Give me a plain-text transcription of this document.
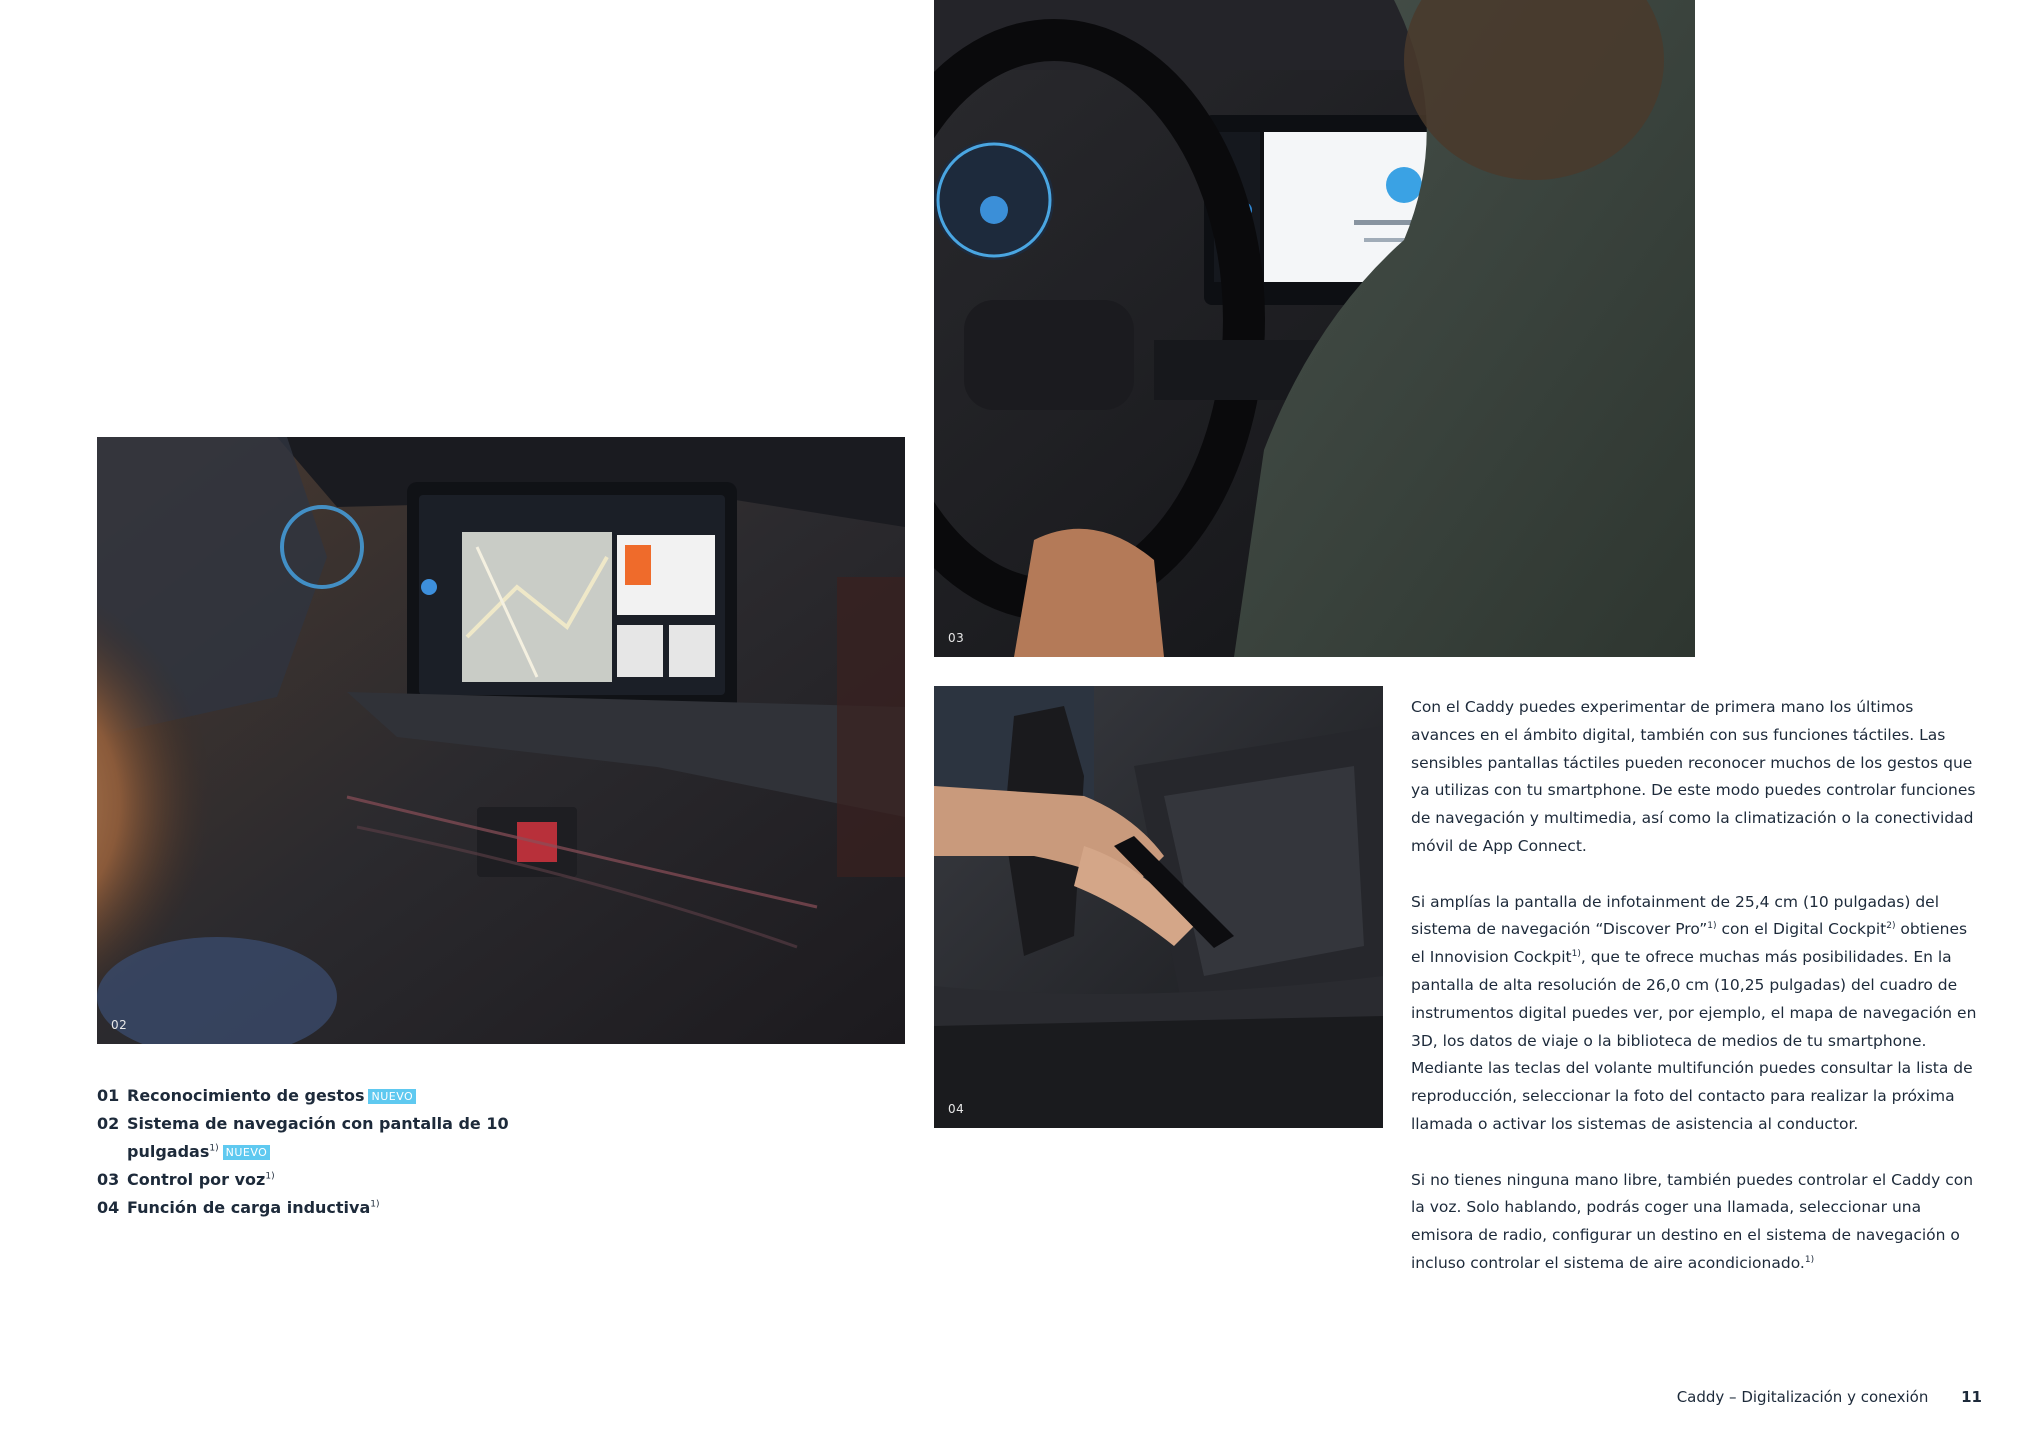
02
03
04
01 Reconocimiento de gestos NUEVO
02 Sistema de navegación con pantalla de 10 pulgadas$^{1)}$ NUEVO
03 Control por voz$^{1)}$
04 Función de carga inductiva$^{1)}$

Con el Caddy puedes experimentar de primera mano los últimos avances en el ámbito digital, también con sus funciones táctiles. Las sensibles pantallas táctiles pueden reconocer muchos de los gestos que ya utilizas con tu smartphone. De este modo puedes controlar funciones de navegación y multimedia, así como la climatización o la conectividad móvil de App Connect.

Si amplías la pantalla de infotainment de 25,4 cm (10 pulgadas) del sistema de navegación “Discover Pro”$^{1)}$ con el Digital Cockpit$^{2)}$ obtienes el Innovision Cockpit$^{1)}$, que te ofrece muchas más posibilidades. En la pantalla de alta resolución de 26,0 cm (10,25 pulgadas) del cuadro de instrumentos digital puedes ver, por ejemplo, el mapa de navegación en 3D, los datos de viaje o la biblioteca de medios de tu smartphone. Mediante las teclas del volante multifunción puedes consultar la lista de reproducción, seleccionar la foto del contacto para realizar la próxima llamada o activar los sistemas de asistencia al conductor.

Si no tienes ninguna mano libre, también puedes controlar el Caddy con la voz. Solo hablando, podrás coger una llamada, seleccionar una emisora de radio, configurar un destino en el sistema de navegación o incluso controlar el sistema de aire acondicionado.$^{1)}$

Caddy – Digitalización y conexión 11
